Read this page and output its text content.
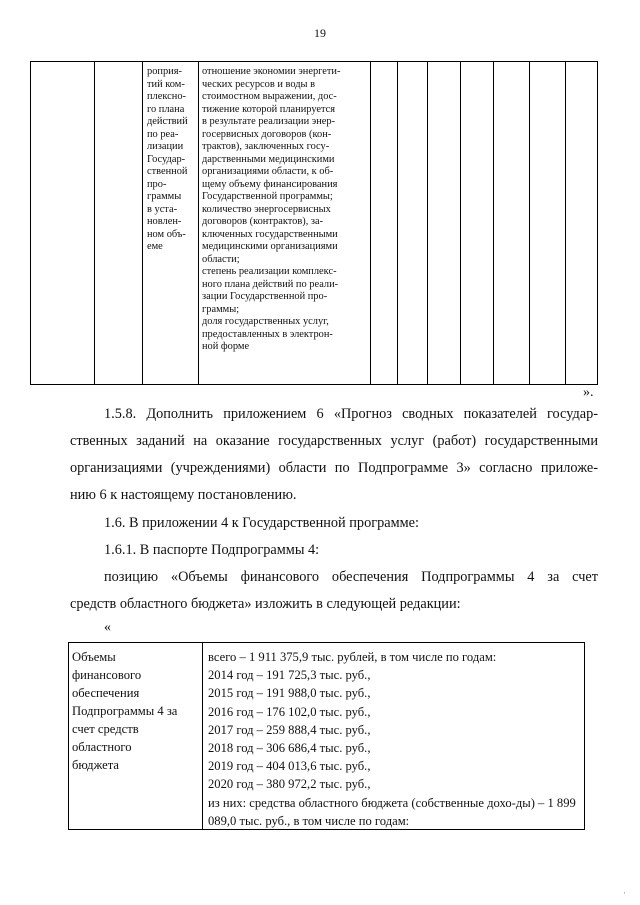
19
роприя-
тий ком-
плексно-
го плана
действий
по реа-
лизации
Государ-
ственной
про-
граммы
в уста-
новлен-
ном объ-
еме
отношение экономии энергети-
ческих ресурсов и воды в
стоимостном выражении, дос-
тижение которой планируется
в результате реализации энер-
госервисных договоров (кон-
трактов), заключенных госу-
дарственными медицинскими
организациями области, к об-
щему объему финансирования
Государственной программы;
количество энергосервисных
договоров (контрактов), за-
ключенных государственными
медицинскими организациями
области;
степень реализации комплекс-
ного плана действий по реали-
зации Государственной про-
граммы;
доля государственных услуг,
предоставленных в электрон-
ной форме
».
1.5.8. Дополнить приложением 6 «Прогноз сводных показателей государ-
ственных заданий на оказание государственных услуг (работ) государственными
организациями (учреждениями) области по Подпрограмме 3» согласно приложе-
нию 6 к настоящему постановлению.
1.6. В приложении 4 к Государственной программе:
1.6.1. В паспорте Подпрограммы 4:
позицию «Объемы финансового обеспечения Подпрограммы 4 за счет
средств областного бюджета» изложить в следующей редакции:
«
Объемы
финансового
обеспечения
Подпрограммы 4 за
счет средств
областного
бюджета
всего – 1 911 375,9 тыс. рублей, в том числе по годам:
2014 год – 191 725,3 тыс. руб.,
2015 год – 191 988,0 тыс. руб.,
2016 год – 176 102,0 тыс. руб.,
2017 год – 259 888,4 тыс. руб.,
2018 год – 306 686,4 тыс. руб.,
2019 год – 404 013,6 тыс. руб.,
2020 год – 380 972,2 тыс. руб.,
из них: средства областного бюджета (собственные дохо-ды) – 1 899 089,0 тыс. руб., в том числе по годам:
·
